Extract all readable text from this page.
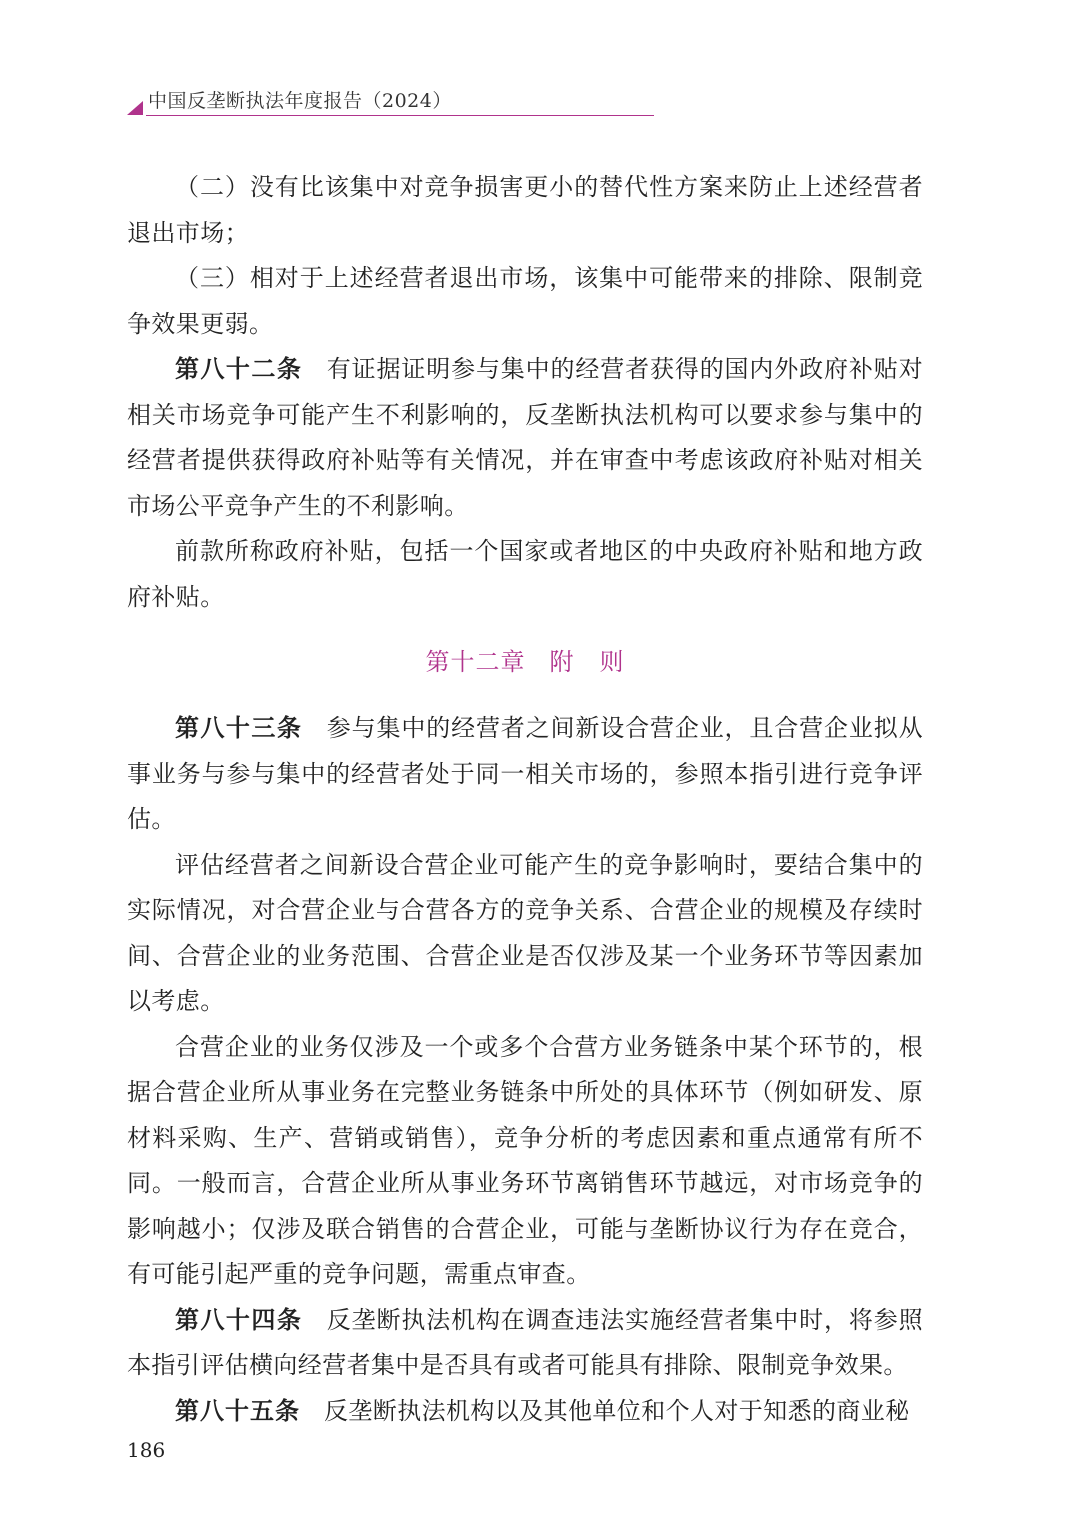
中国反垄断执法年度报告（2024）

（二）没有比该集中对竞争损害更小的替代性方案来防止上述经营者退出市场；

（三）相对于上述经营者退出市场，该集中可能带来的排除、限制竞争效果更弱。

第八十二条 有证据证明参与集中的经营者获得的国内外政府补贴对相关市场竞争可能产生不利影响的，反垄断执法机构可以要求参与集中的经营者提供获得政府补贴等有关情况，并在审查中考虑该政府补贴对相关市场公平竞争产生的不利影响。

前款所称政府补贴，包括一个国家或者地区的中央政府补贴和地方政府补贴。

第十二章 附　则

第八十三条 参与集中的经营者之间新设合营企业，且合营企业拟从事业务与参与集中的经营者处于同一相关市场的，参照本指引进行竞争评估。

评估经营者之间新设合营企业可能产生的竞争影响时，要结合集中的实际情况，对合营企业与合营各方的竞争关系、合营企业的规模及存续时间、合营企业的业务范围、合营企业是否仅涉及某一个业务环节等因素加以考虑。

合营企业的业务仅涉及一个或多个合营方业务链条中某个环节的，根据合营企业所从事业务在完整业务链条中所处的具体环节（例如研发、原材料采购、生产、营销或销售），竞争分析的考虑因素和重点通常有所不同。一般而言，合营企业所从事业务环节离销售环节越远，对市场竞争的影响越小；仅涉及联合销售的合营企业，可能与垄断协议行为存在竞合，有可能引起严重的竞争问题，需重点审查。

第八十四条 反垄断执法机构在调查违法实施经营者集中时，将参照本指引评估横向经营者集中是否具有或者可能具有排除、限制竞争效果。

第八十五条 反垄断执法机构以及其他单位和个人对于知悉的商业秘

186
